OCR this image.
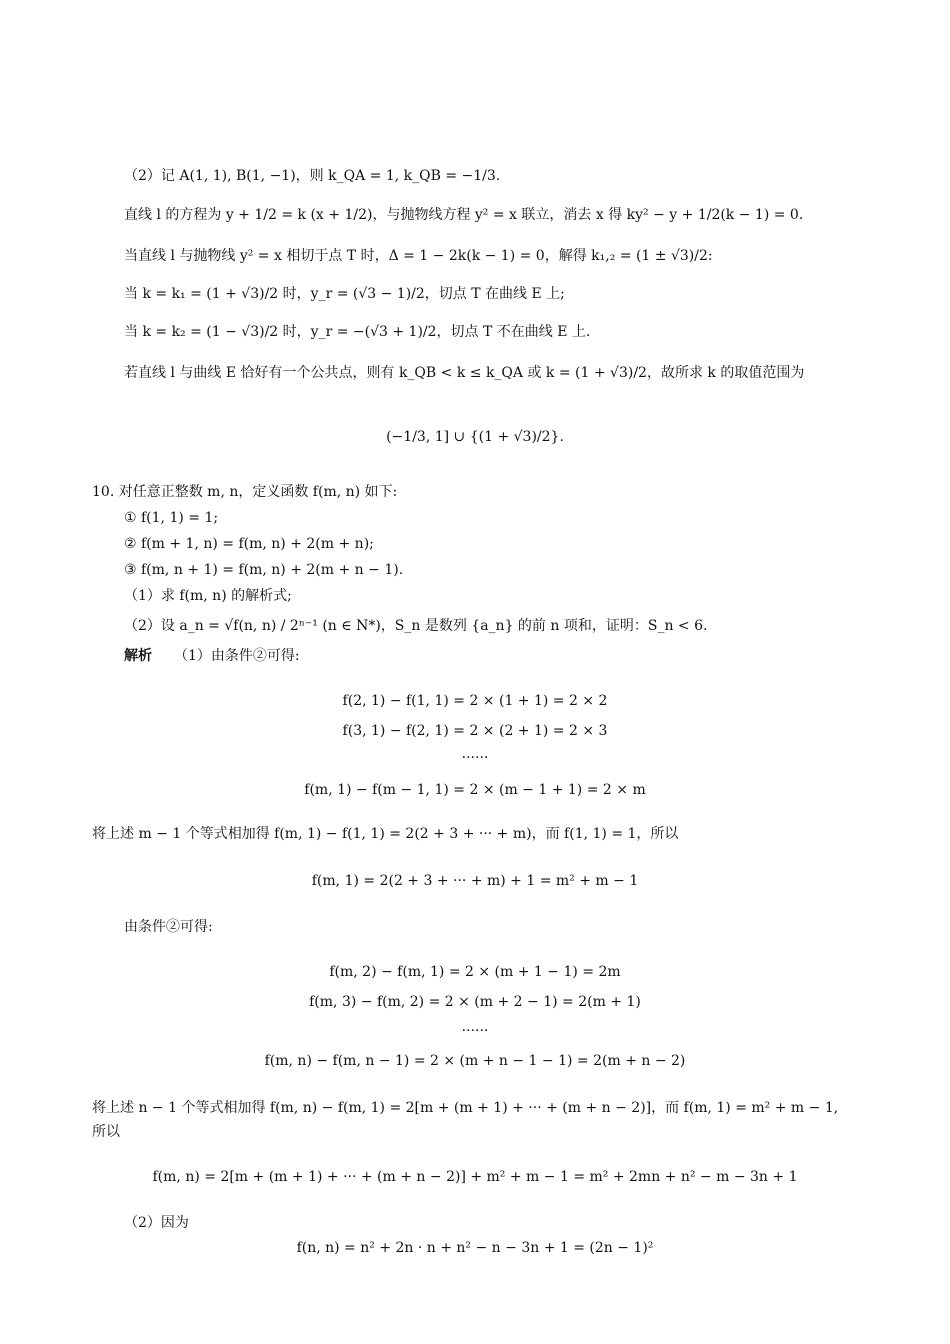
（2）记 A(1, 1), B(1, −1)，则 k_QA = 1, k_QB = −1/3.
直线 l 的方程为 y + 1/2 = k (x + 1/2)，与抛物线方程 y² = x 联立，消去 x 得 ky² − y + 1/2(k − 1) = 0.
当直线 l 与抛物线 y² = x 相切于点 T 时，Δ = 1 − 2k(k − 1) = 0，解得 k₁,₂ = (1 ± √3)/2:
当 k = k₁ = (1 + √3)/2 时，y_r = (√3 − 1)/2，切点 T 在曲线 E 上;
当 k = k₂ = (1 − √3)/2 时，y_r = −(√3 + 1)/2，切点 T 不在曲线 E 上.
若直线 l 与曲线 E 恰好有一个公共点，则有 k_QB < k ≤ k_QA 或 k = (1 + √3)/2，故所求 k 的取值范围为
(−1/3, 1] ∪ {(1 + √3)/2}.
10. 对任意正整数 m, n，定义函数 f(m, n) 如下:
① f(1, 1) = 1;
② f(m + 1, n) = f(m, n) + 2(m + n);
③ f(m, n + 1) = f(m, n) + 2(m + n − 1).
（1）求 f(m, n) 的解析式;
（2）设 a_n = √f(n, n) / 2ⁿ⁻¹ (n ∈ N*)，S_n 是数列 {a_n} 的前 n 项和，证明：S_n < 6.
解析 （1）由条件②可得:
f(2, 1) − f(1, 1) = 2 × (1 + 1) = 2 × 2
f(3, 1) − f(2, 1) = 2 × (2 + 1) = 2 × 3
······
f(m, 1) − f(m − 1, 1) = 2 × (m − 1 + 1) = 2 × m
将上述 m − 1 个等式相加得 f(m, 1) − f(1, 1) = 2(2 + 3 + ··· + m)，而 f(1, 1) = 1，所以
f(m, 1) = 2(2 + 3 + ··· + m) + 1 = m² + m − 1
由条件②可得:
f(m, 2) − f(m, 1) = 2 × (m + 1 − 1) = 2m
f(m, 3) − f(m, 2) = 2 × (m + 2 − 1) = 2(m + 1)
······
f(m, n) − f(m, n − 1) = 2 × (m + n − 1 − 1) = 2(m + n − 2)
将上述 n − 1 个等式相加得 f(m, n) − f(m, 1) = 2[m + (m + 1) + ··· + (m + n − 2)]，而 f(m, 1) = m² + m − 1,
所以
f(m, n) = 2[m + (m + 1) + ··· + (m + n − 2)] + m² + m − 1 = m² + 2mn + n² − m − 3n + 1
（2）因为
f(n, n) = n² + 2n · n + n² − n − 3n + 1 = (2n − 1)²
